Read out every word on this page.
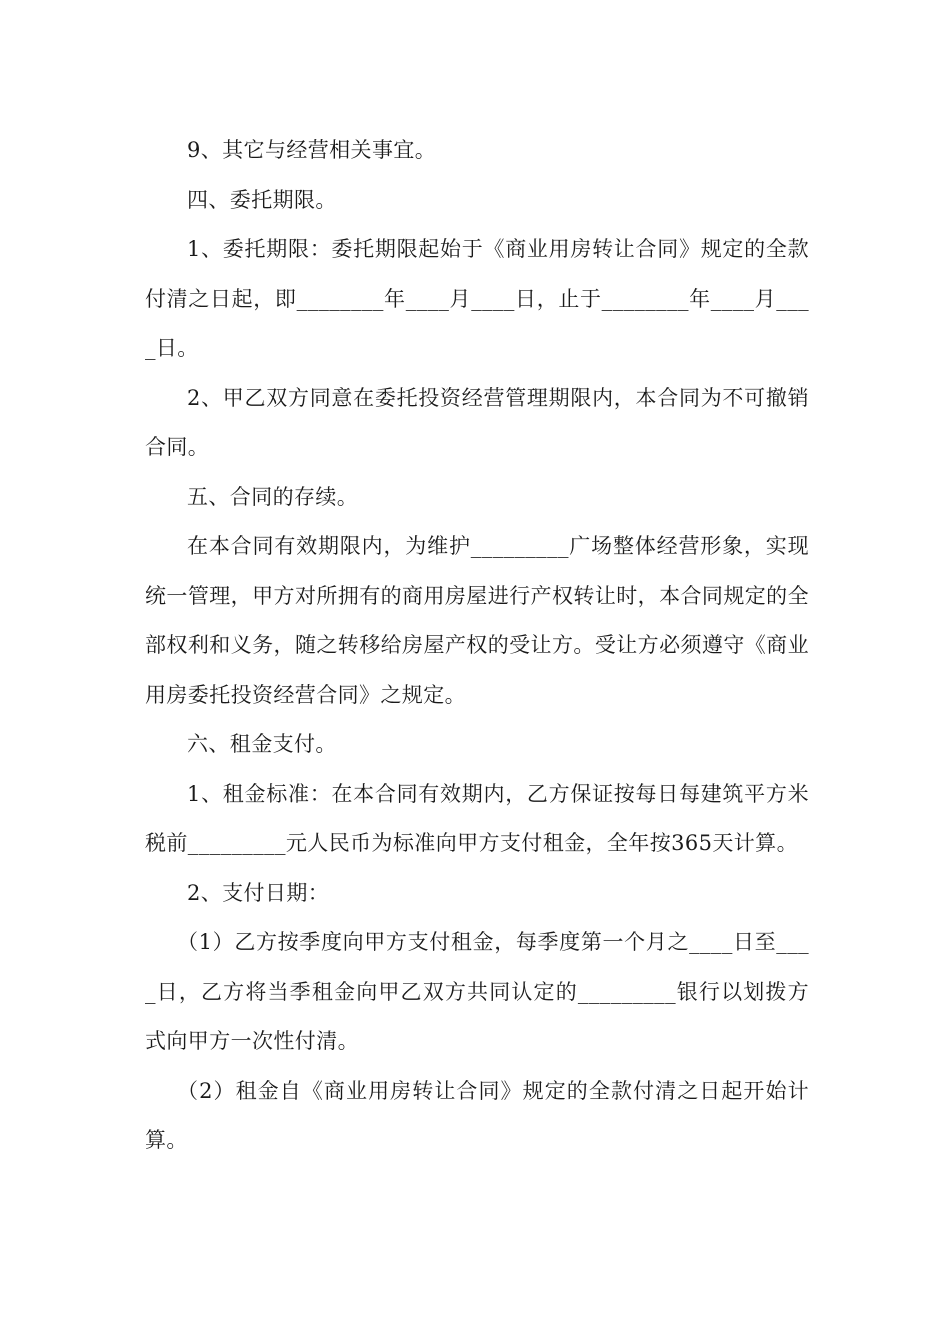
9、其它与经营相关事宜。

四、委托期限。

1、委托期限：委托期限起始于《商业用房转让合同》规定的全款付清之日起，即________年____月____日，止于________年____月____日。

2、甲乙双方同意在委托投资经营管理期限内，本合同为不可撤销合同。

五、合同的存续。

在本合同有效期限内，为维护_________广场整体经营形象，实现统一管理，甲方对所拥有的商用房屋进行产权转让时，本合同规定的全部权利和义务，随之转移给房屋产权的受让方。受让方必须遵守《商业用房委托投资经营合同》之规定。

六、租金支付。

1、租金标准：在本合同有效期内，乙方保证按每日每建筑平方米税前_________元人民币为标准向甲方支付租金，全年按365天计算。

2、支付日期：

（1）乙方按季度向甲方支付租金，每季度第一个月之____日至____日，乙方将当季租金向甲乙双方共同认定的_________银行以划拨方式向甲方一次性付清。

（2）租金自《商业用房转让合同》规定的全款付清之日起开始计算。
